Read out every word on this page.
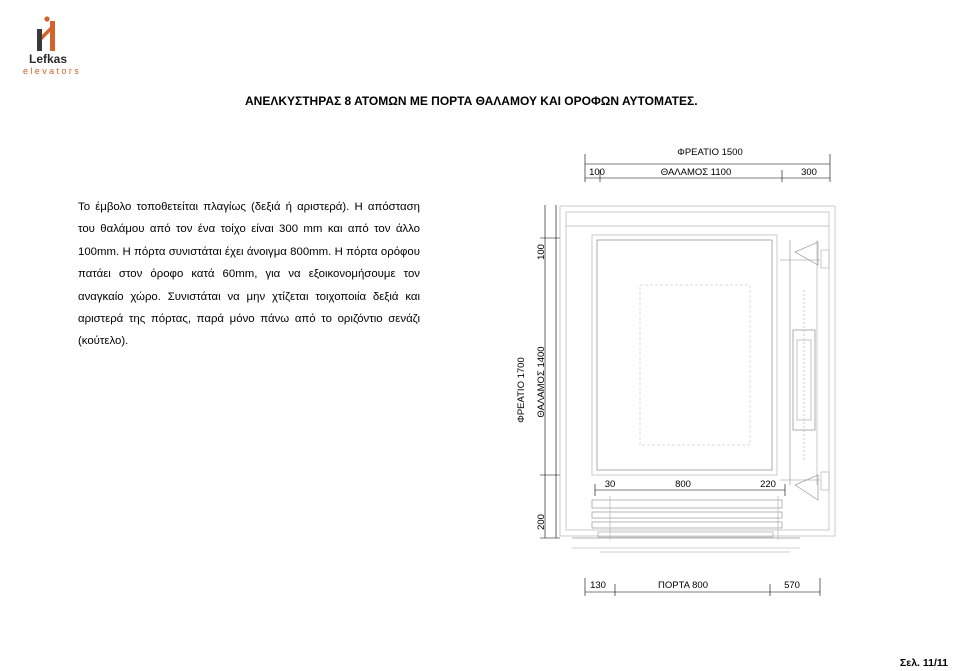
Lefkas
elevators
ΑΝΕΛΚΥΣΤΗΡΑΣ 8 ΑΤΟΜΩΝ ΜΕ ΠΟΡΤΑ ΘΑΛΑΜΟΥ ΚΑΙ ΟΡΟΦΩΝ ΑΥΤΟΜΑΤΕΣ.

Το έμβολο τοποθετείται πλαγίως (δεξιά ή αριστερά). Η απόσταση του θαλάμου από τον ένα τοίχο είναι 300 mm και από τον άλλο 100mm. Η πόρτα συνιστάται έχει άνοιγμα 800mm. Η πόρτα ορόφου πατάει στον όροφο κατά 60mm, για να εξοικονομήσουμε τον αναγκαίο χώρο. Συνιστάται να μην χτίζεται τοιχοποιία δεξιά και αριστερά της πόρτας, παρά μόνο πάνω από το οριζόντιο σενάζι (κούτελο).

ΦΡΕΑΤΙΟ 1500
100	ΘΑΛΑΜΟΣ 1100	300
100
ΦΡΕΑΤΙΟ 1700 ΘΑΛΑΜΟΣ 1400
200
30	800	220
130	ΠΟΡΤΑ 800	570
Σελ. 11/11
